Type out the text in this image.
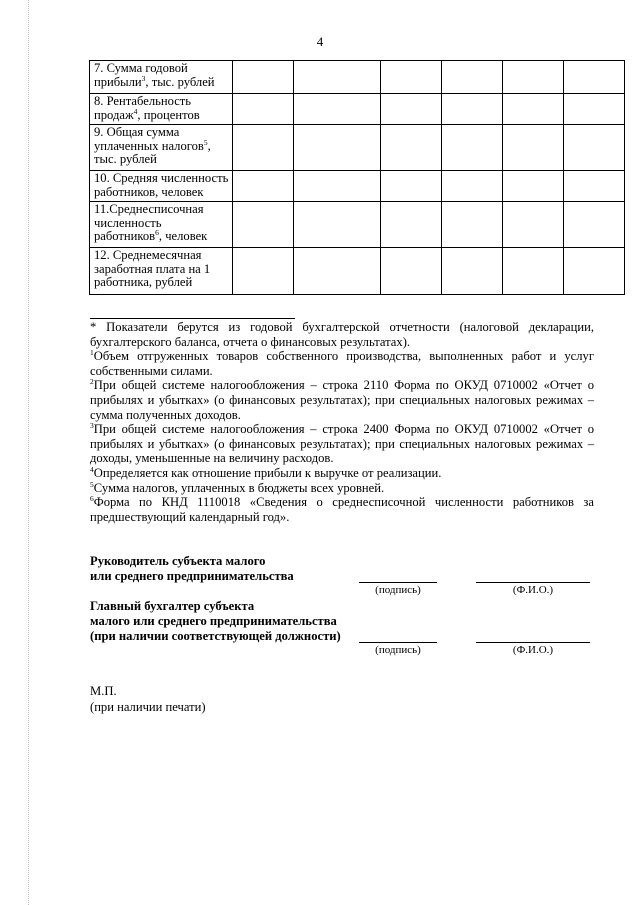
4
7. Сумма годовой прибыли$^3$, тыс. рублей						
8. Рентабельность продаж$^4$, процентов						
9. Общая сумма уплаченных налогов$^5$, тыс. рублей						
10. Средняя численность работников, человек						
11.Среднесписочная численность работников$^6$, человек						
12. Среднемесячная заработная плата на 1 работника, рублей						

* Показатели берутся из годовой бухгалтерской отчетности (налоговой декларации, бухгалтерского баланса, отчета о финансовых результатах).

$^1$Объем отгруженных товаров собственного производства, выполненных работ и услуг собственными силами.

$^2$При общей системе налогообложения – строка 2110 Форма по ОКУД 0710002 «Отчет о прибылях и убытках» (о финансовых результатах); при специальных налоговых режимах – сумма полученных доходов.

$^3$При общей системе налогообложения – строка 2400 Форма по ОКУД 0710002 «Отчет о прибылях и убытках» (о финансовых результатах); при специальных налоговых режимах – доходы, уменьшенные на величину расходов.

$^4$Определяется как отношение прибыли к выручке от реализации.

$^5$Сумма налогов, уплаченных в бюджеты всех уровней.

$^6$Форма по КНД 1110018 «Сведения о среднесписочной численности работников за предшествующий календарный год».

Руководитель субъекта малого
или среднего предпринимательства
(подпись)	(Ф.И.О.)
Главный бухгалтер субъекта
малого или среднего предпринимательства
(при наличии соответствующей должности)
(подпись)	(Ф.И.О.)
М.П.
(при наличии печати)
